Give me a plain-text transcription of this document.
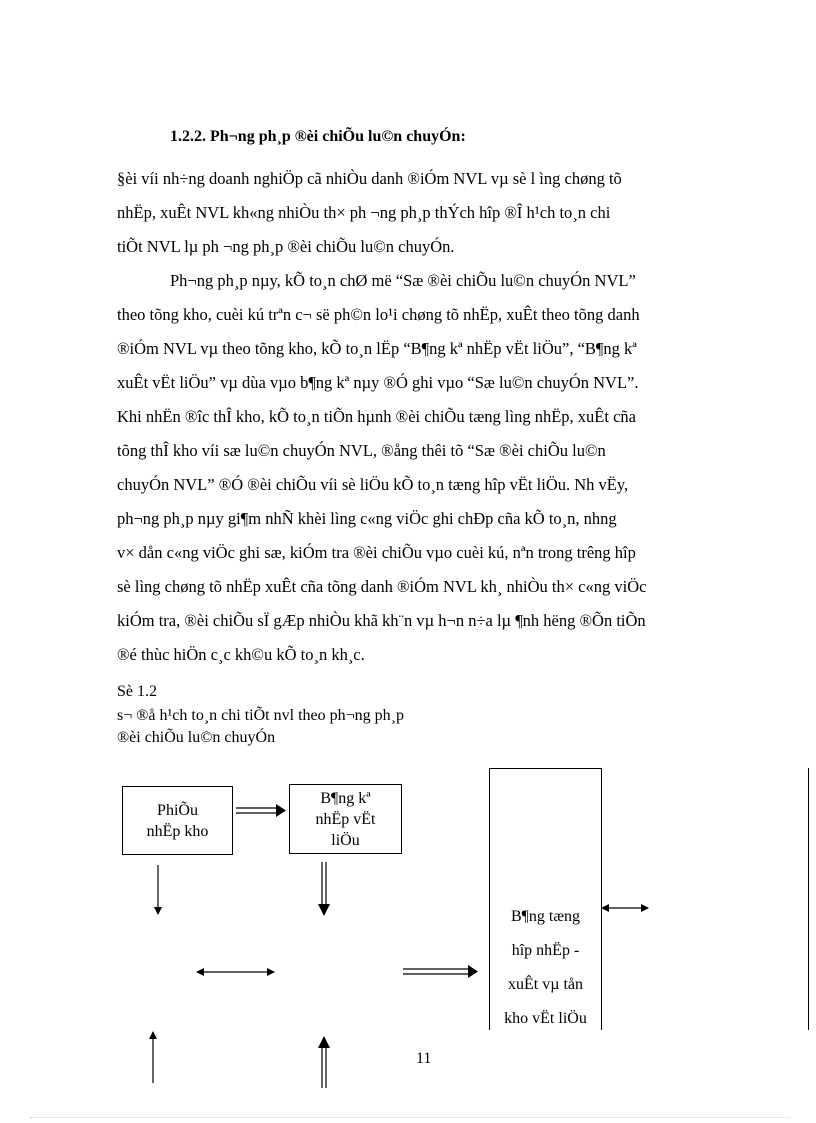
1.2.2. Ph¬ng ph¸p ®èi chiÕu lu©n chuyÓn:
§èi víi nh÷ng doanh nghiÖp cã nhiÒu danh ®iÓm NVL vµ sè l ìng chøng tõ
nhËp, xuÊt NVL kh«ng nhiÒu th× ph ¬ng ph¸p thÝch hîp ®Î h¹ch to¸n chi
tiÕt NVL lµ ph ¬ng ph¸p ®èi chiÕu lu©n chuyÓn.
Ph¬ng ph¸p nµy, kÕ to¸n chØ më “Sæ ®èi chiÕu lu©n chuyÓn NVL”
theo tõng kho, cuèi kú trªn c¬ së ph©n lo¹i chøng tõ nhËp, xuÊt theo tõng danh
®iÓm NVL vµ theo tõng kho, kÕ to¸n lËp “B¶ng kª nhËp vËt liÖu”, “B¶ng kª
xuÊt vËt liÖu” vµ dùa vµo b¶ng kª nµy ®Ó ghi vµo “Sæ lu©n chuyÓn NVL”.
Khi nhËn ®îc thÎ kho, kÕ to¸n tiÕn hµnh ®èi chiÕu tæng lìng nhËp, xuÊt cña
tõng thÎ kho víi sæ lu©n chuyÓn NVL, ®ång thêi tõ “Sæ ®èi chiÕu lu©n
chuyÓn NVL” ®Ó ®èi chiÕu víi sè liÖu kÕ to¸n tæng hîp vËt liÖu. Nh vËy,
ph¬ng ph¸p nµy gi¶m nhÑ khèi lìng c«ng viÖc ghi chÐp cña kÕ to¸n, nhng
v× dån c«ng viÖc ghi sæ, kiÓm tra ®èi chiÕu vµo cuèi kú, nªn trong trêng hîp
sè lìng chøng tõ nhËp xuÊt cña tõng danh ®iÓm NVL kh¸ nhiÒu th× c«ng viÖc
kiÓm tra, ®èi chiÕu sÏ gÆp nhiÒu khã kh¨n vµ h¬n n÷a lµ ¶nh hëng ®Õn tiÕn
®é thùc hiÖn c¸c kh©u kÕ to¸n kh¸c.
Sè 1.2
s¬ ®å h¹ch to¸n chi tiÕt nvl theo ph¬ng ph¸p
®èi chiÕu lu©n chuyÓn
PhiÕu
nhËp kho
B¶ng kª
nhËp vËt
liÖu
B¶ng tæng
hîp nhËp -
xuÊt vµ tån
kho vËt liÖu
11
